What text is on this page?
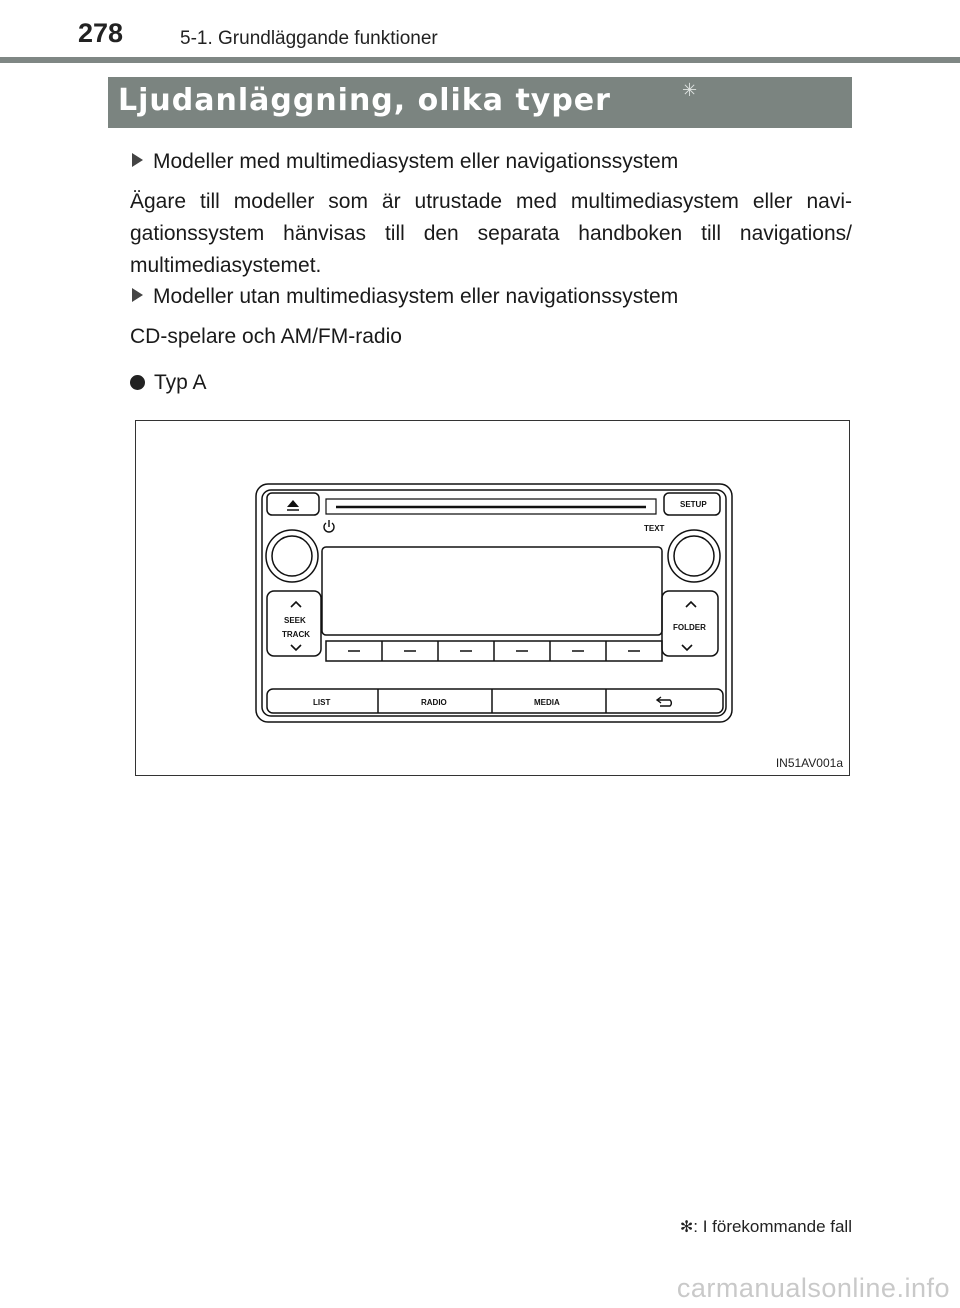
278	5-1. Grundläggande funktioner
Ljudanläggning, olika typer	✳
Modeller med multimediasystem eller navigationssystem
Ägare till modeller som är utrustade med multimediasystem eller navi-
gationssystem hänvisas till den separata handboken till navigations/
multimediasystemet.
Modeller utan multimediasystem eller navigationssystem
CD-spelare och AM/FM-radio
Typ A
SETUP
TEXT
SEEK
TRACK
FOLDER
LIST	RADIO	MEDIA
IN51AV001a
✻: I förekommande fall
carmanualsonline.info
